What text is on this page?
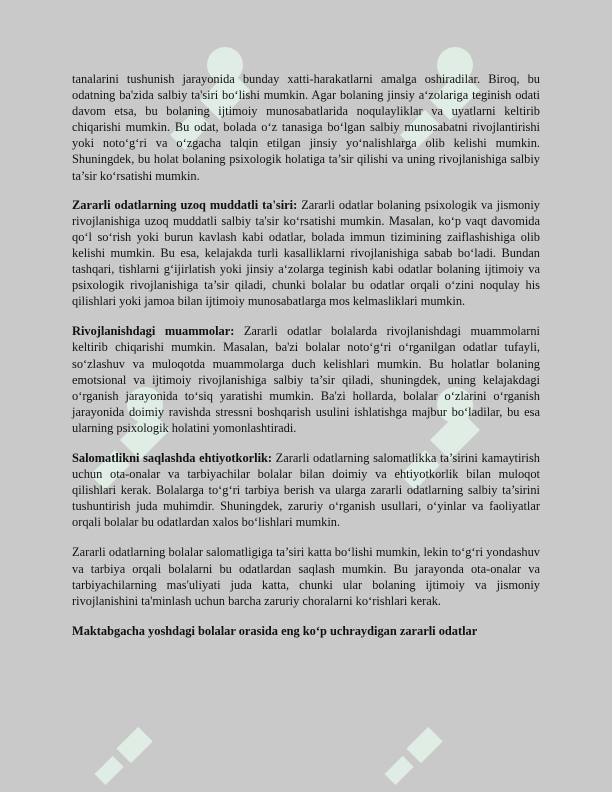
tanalarini tushunish jarayonida bunday xatti-harakatlarni amalga oshiradilar. Biroq, bu odatning ba'zida salbiy ta'siri bo‘lishi mumkin. Agar bolaning jinsiy a‘zolariga teginish odati davom etsa, bu bolaning ijtimoiy munosabatlarida noqulayliklar va uyatlarni keltirib chiqarishi mumkin. Bu odat, bolada o‘z tanasiga bo‘lgan salbiy munosabatni rivojlantirishi yoki noto‘g‘ri va o‘zgacha talqin etilgan jinsiy yo‘nalishlarga olib kelishi mumkin. Shuningdek, bu holat bolaning psixologik holatiga ta’sir qilishi va uning rivojlanishiga salbiy ta’sir ko‘rsatishi mumkin.

Zararli odatlarning uzoq muddatli ta'siri: Zararli odatlar bolaning psixologik va jismoniy rivojlanishiga uzoq muddatli salbiy ta'sir ko‘rsatishi mumkin. Masalan, ko‘p vaqt davomida qo‘l so‘rish yoki burun kavlash kabi odatlar, bolada immun tizimining zaiflashishiga olib kelishi mumkin. Bu esa, kelajakda turli kasalliklarni rivojlanishiga sabab bo‘ladi. Bundan tashqari, tishlarni g‘ijirlatish yoki jinsiy a‘zolarga teginish kabi odatlar bolaning ijtimoiy va psixologik rivojlanishiga ta’sir qiladi, chunki bolalar bu odatlar orqali o‘zini noqulay his qilishlari yoki jamoa bilan ijtimoiy munosabatlarga mos kelmasliklari mumkin.

Rivojlanishdagi muammolar: Zararli odatlar bolalarda rivojlanishdagi muammolarni keltirib chiqarishi mumkin. Masalan, ba'zi bolalar noto‘g‘ri o‘rganilgan odatlar tufayli, so‘zlashuv va muloqotda muammolarga duch kelishlari mumkin. Bu holatlar bolaning emotsional va ijtimoiy rivojlanishiga salbiy ta’sir qiladi, shuningdek, uning kelajakdagi o‘rganish jarayonida to‘siq yaratishi mumkin. Ba'zi hollarda, bolalar o‘zlarini o‘rganish jarayonida doimiy ravishda stressni boshqarish usulini ishlatishga majbur bo‘ladilar, bu esa ularning psixologik holatini yomonlashtiradi.

Salomatlikni saqlashda ehtiyotkorlik: Zararli odatlarning salomatlikka ta’sirini kamaytirish uchun ota-onalar va tarbiyachilar bolalar bilan doimiy va ehtiyotkorlik bilan muloqot qilishlari kerak. Bolalarga to‘g‘ri tarbiya berish va ularga zararli odatlarning salbiy ta’sirini tushuntirish juda muhimdir. Shuningdek, zaruriy o‘rganish usullari, o‘yinlar va faoliyatlar orqali bolalar bu odatlardan xalos bo‘lishlari mumkin.

Zararli odatlarning bolalar salomatligiga ta’siri katta bo‘lishi mumkin, lekin to‘g‘ri yondashuv va tarbiya orqali bolalarni bu odatlardan saqlash mumkin. Bu jarayonda ota-onalar va tarbiyachilarning mas'uliyati juda katta, chunki ular bolaning ijtimoiy va jismoniy rivojlanishini ta'minlash uchun barcha zaruriy choralarni ko‘rishlari kerak.

Maktabgacha yoshdagi bolalar orasida eng ko‘p uchraydigan zararli odatlar
